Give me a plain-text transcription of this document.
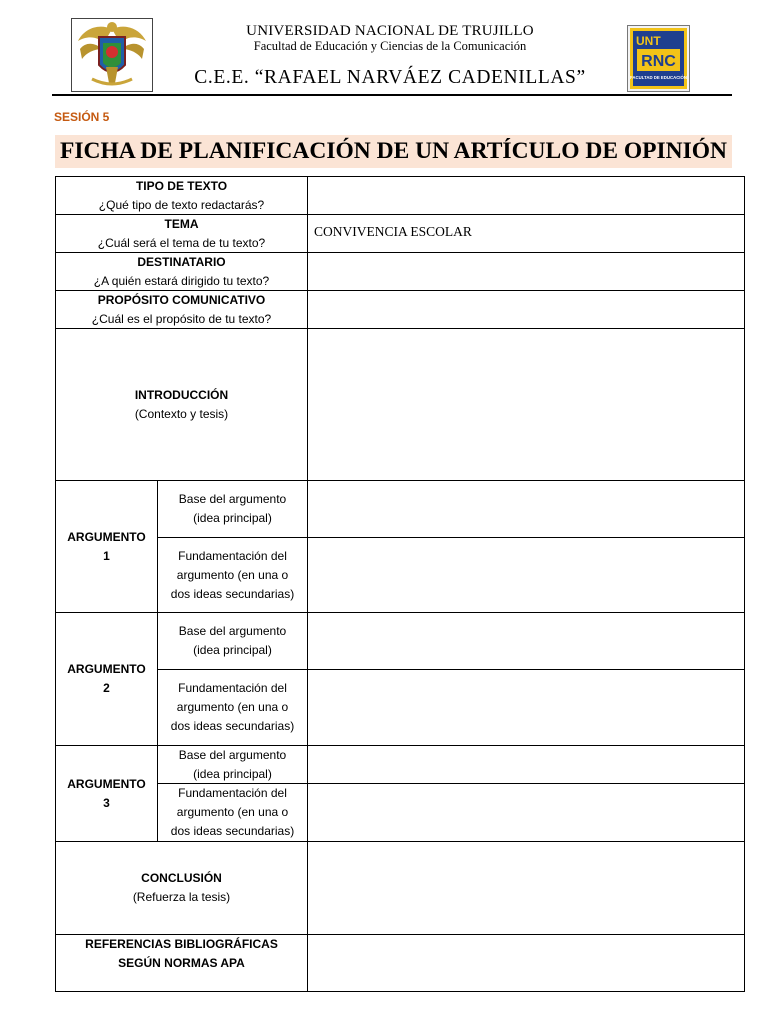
UNT
RNC
FACULTAD DE EDUCACIÓN
UNIVERSIDAD NACIONAL DE TRUJILLO
Facultad de Educación y Ciencias de la Comunicación
C.E.E. “RAFAEL NARVÁEZ CADENILLAS”
SESIÓN 5
FICHA DE PLANIFICACIÓN DE UN ARTÍCULO DE OPINIÓN
TIPO DE TEXTO
¿Qué tipo de texto redactarás?
TEMA
¿Cuál será el tema de tu texto?
DESTINATARIO
¿A quién estará dirigido tu texto?
PROPÓSITO COMUNICATIVO
¿Cuál es el propósito de tu texto?
INTRODUCCIÓN
(Contexto y tesis)
ARGUMENTO
1
Base del argumento
(idea principal)
Fundamentación del
argumento (en una o
dos ideas secundarias)
ARGUMENTO
2
Base del argumento
(idea principal)
Fundamentación del
argumento (en una o
dos ideas secundarias)
ARGUMENTO
3
Base del argumento
(idea principal)
Fundamentación del
argumento (en una o
dos ideas secundarias)
CONCLUSIÓN
(Refuerza la tesis)
REFERENCIAS BIBLIOGRÁFICAS
SEGÚN NORMAS APA
CONVIVENCIA ESCOLAR
